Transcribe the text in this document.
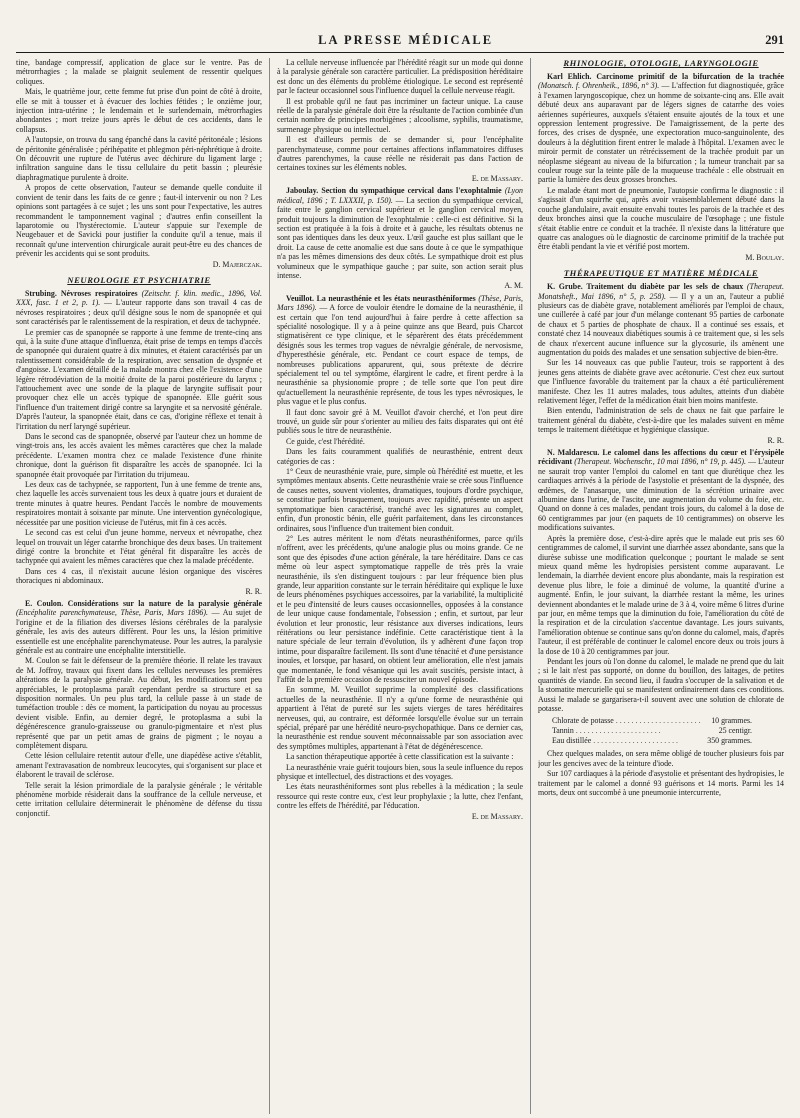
LA PRESSE MÉDICALE	291

tine, bandage compressif, application de glace sur le ventre. Pas de métrorrhagies ; la malade se plaignit seulement de ressentir quelques coliques.

Mais, le quatrième jour, cette femme fut prise d'un point de côté à droite, elle se mit à tousser et à évacuer des lochies fétides ; le onzième jour, injection intra-utérine ; le lendemain et le surlendemain, métrorrhagies abondantes ; mort treize jours après le début de ces accidents, dans le collapsus.

A l'autopsie, on trouva du sang épanché dans la cavité péritonéale ; lésions de péritonite généralisée ; périhépatite et phlegmon péri-néphrétique à droite. On découvrit une rupture de l'utérus avec déchirure du ligament large ; infiltration sanguine dans le tissu cellulaire du petit bassin ; pleurésie diaphragmatique purulente à droite.

A propos de cette observation, l'auteur se demande quelle conduite il convient de tenir dans les faits de ce genre ; faut-il intervenir ou non ? Les opinions sont partagées à ce sujet ; les uns sont pour l'expectative, les autres recommandent le tamponnement vaginal ; d'autres enfin conseillent la laparotomie ou l'hystérectomie. L'auteur s'appuie sur l'exemple de Neugebauer et de Savicki pour justifier la conduite qu'il a tenue, mais il reconnaît qu'une intervention chirurgicale aurait peut-être eu des chances de prévenir les accidents qui se sont produits.

D. Majerczak.
NEUROLOGIE ET PSYCHIATRIE

Strubing. Névroses respiratoires (Zeitschr. f. klin. medic., 1896, Vol. XXX, fasc. 1 et 2, p. 1). — L'auteur rapporte dans son travail 4 cas de névroses respiratoires ; deux qu'il désigne sous le nom de spanopnée et qui sont caractérisés par le ralentissement de la respiration, et deux de tachypnée.

Le premier cas de spanopnée se rapporte à une femme de trente-cinq ans qui, à la suite d'une attaque d'influenza, était prise de temps en temps d'accès de spanopnée qui duraient quatre à dix minutes, et étaient caractérisés par un ralentissement considérable de la respiration, avec sensation de dyspnée et d'angoisse. L'examen détaillé de la malade montra chez elle l'existence d'une légère rétrodéviation de la moitié droite de la paroi postérieure du larynx ; l'attouchement avec une sonde de la plaque de laryngite suffisait pour provoquer chez elle un accès typique de spanopnée. Elle guérit sous l'influence d'un traitement dirigé contre sa laryngite et sa nervosité générale. D'après l'auteur, la spanopnée était, dans ce cas, d'origine réflexe et tenait à l'irritation du nerf laryngé supérieur.

Dans le second cas de spanopnée, observé par l'auteur chez un homme de vingt-trois ans, les accès avaient les mêmes caractères que chez la malade précédente. L'examen montra chez ce malade l'existence d'une rhinite chronique, dont la guérison fit disparaître les accès de spanopnée. Ici la spanopnée était provoquée par l'irritation du trijumeau.

Les deux cas de tachypnée, se rapportent, l'un à une femme de trente ans, chez laquelle les accès survenaient tous les deux à quatre jours et duraient de trente minutes à quatre heures. Pendant l'accès le nombre de mouvements respiratoires montait à soixante par minute. Une intervention gynécologique, nécessitée par une position vicieuse de l'utérus, mit fin à ces accès.

Le second cas est celui d'un jeune homme, nerveux et névropathe, chez lequel on trouvait un léger catarrhe bronchique des deux bases. Un traitement dirigé contre la bronchite et l'état général fit disparaître les accès de tachypnée qui avaient les mêmes caractères que chez la malade précédente.

Dans ces 4 cas, il n'existait aucune lésion organique des viscères thoraciques ni abdominaux.

R. R.

E. Coulon. Considérations sur la nature de la paralysie générale (Encéphalite parenchymateuse, Thèse, Paris, Mars 1896). — Au sujet de l'origine et de la filiation des diverses lésions cérébrales de la paralysie générale, les avis des auteurs diffèrent. Pour les uns, la lésion primitive essentielle est une encéphalite parenchymateuse. Pour les autres, la paralysie générale est au contraire une encéphalite interstitielle.

M. Coulon se fait le défenseur de la première théorie. Il relate les travaux de M. Joffroy, travaux qui fixent dans les cellules nerveuses les premières altérations de la paralysie générale. Au début, les modifications sont peu appréciables, le protoplasma paraît cependant perdre sa structure et sa disposition normales. Un peu plus tard, la cellule passe à un stade de tuméfaction trouble : dès ce moment, la participation du noyau au processus devient visible. Enfin, au dernier degré, le protoplasma a subi la dégénérescence granulo-graisseuse ou granulo-pigmentaire et n'est plus représenté que par un petit amas de grains de pigment ; le noyau a complètement disparu.

Cette lésion cellulaire retentit autour d'elle, une diapédèse active s'établit, amenant l'extravasation de nombreux leucocytes, qui s'organisent sur place et élaborent le travail de sclérose.

Telle serait la lésion primordiale de la paralysie générale ; le véritable phénomène morbide résiderait dans la souffrance de la cellule nerveuse, et cette irritation cellulaire déterminerait le phénomène de défense du tissu conjonctif.

La cellule nerveuse influencée par l'hérédité réagit sur un mode qui donne à la paralysie générale son caractère particulier. La prédisposition héréditaire est donc un des éléments du problème étiologique. Le second est représenté par le facteur occasionnel sous l'influence duquel la cellule nerveuse réagit.

Il est probable qu'il ne faut pas incriminer un facteur unique. La cause réelle de la paralysie générale doit être la résultante de l'action combinée d'un certain nombre de principes morbigènes ; alcoolisme, syphilis, traumatisme, surmenage physique ou intellectuel.

Il est d'ailleurs permis de se demander si, pour l'encéphalite parenchymateuse, comme pour certaines affections inflammatoires diffuses d'autres parenchymes, la cause réelle ne résiderait pas dans l'action de certaines toxines sur les éléments nobles.

E. de Massary.

Jaboulay. Section du sympathique cervical dans l'exophtalmie (Lyon médical, 1896 ; T. LXXXII, p. 150). — La section du sympathique cervical, faite entre le ganglion cervical supérieur et le ganglion cervical moyen, produit toujours la diminution de l'exophtalmie : celle-ci est définitive. Si la section est pratiquée à la fois à droite et à gauche, les résultats obtenus ne sont pas identiques dans les deux yeux. L'œil gauche est plus saillant que le droit. La cause de cette anomalie est due sans doute à ce que le sympathique n'a pas les mêmes dimensions des deux côtés. Le sympathique droit est plus volumineux que le sympathique gauche ; par suite, son action serait plus intense.

A. M.

Veuillot. La neurasthénie et les états neurasthéniformes (Thèse, Paris, Mars 1896). — A force de vouloir étendre le domaine de la neurasthénie, il est certain que l'on tend aujourd'hui à faire perdre à cette affection sa spécialité nosologique. Il y a à peine quinze ans que Beard, puis Charcot stigmatisèrent ce type clinique, et le séparèrent des états précédemment désignés sous les termes trop vagues de névralgie générale, de nervosisme, d'hyperesthésie générale, etc. Pendant ce court espace de temps, de nombreuses publications apparurent, qui, sous prétexte de décrire spécialement tel ou tel symptôme, élargirent le cadre, et firent perdre à la neurasthénie sa physionomie propre ; de telle sorte que l'on peut dire qu'actuellement la neurasthénie représente, de tous les types névrosiques, le plus vague et le plus confus.

Il faut donc savoir gré à M. Veuillot d'avoir cherché, et l'on peut dire trouvé, un guide sûr pour s'orienter au milieu des faits disparates qui ont été publiés sous le titre de neurasthénie.

Ce guide, c'est l'hérédité.

Dans les faits couramment qualifiés de neurasthénie, entrent deux catégories de cas :

1° Ceux de neurasthénie vraie, pure, simple où l'hérédité est muette, et les symptômes mentaux absents. Cette neurasthénie vraie se crée sous l'influence de causes nettes, souvent violentes, dramatiques, toujours d'ordre psychique, se constitue parfois brusquement, toujours avec rapidité, présente un aspect symptomatique bien caractérisé, tranché avec les signatures au complet, enfin, d'un pronostic bénin, elle guérit parfaitement, dans les circonstances ordinaires, sous l'influence d'un traitement bien conduit.

2° Les autres méritent le nom d'états neurasthéniformes, parce qu'ils n'offrent, avec les précédents, qu'une analogie plus ou moins grande. Ce ne sont que des épisodes d'une action générale, la tare héréditaire. Dans ce cas même où leur aspect symptomatique rappelle de très près la vraie neurasthénie, ils s'en distinguent toujours : par leur fréquence bien plus grande, leur apparition constante sur le terrain héréditaire qui explique le luxe de leurs phénomènes psychiques accessoires, par la variabilité, la multiplicité et le peu d'intensité de leurs causes occasionnelles, opposées à la constance de leur unique cause fondamentale, l'obsession ; enfin, et surtout, par leur évolution et leur pronostic, leur résistance aux diverses indications, leurs réitérations ou leur persistance indéfinie. Cette caractéristique tient à la nature spéciale de leur terrain d'évolution, ils y adhèrent d'une façon trop intime, pour disparaître facilement. Ils sont d'une ténacité et d'une persistance inouïes, et lorsque, par hasard, on obtient leur amélioration, elle n'est jamais que momentanée, le fond vésanique qui les avait suscités, persiste intact, à l'affût de la première occasion de ressusciter un nouvel épisode.

En somme, M. Veuillot supprime la complexité des classifications actuelles de la neurasthénie. Il n'y a qu'une forme de neurasthénie qui appartient à l'état de pureté sur les sujets vierges de tares héréditaires nerveuses, qui, au contraire, est déformée lorsqu'elle évolue sur un terrain spécial, préparé par une hérédité neuro-psychopathique. Dans ce dernier cas, la neurasthénie est rendue souvent méconnaissable par son association avec des symptômes multiples, appartenant à l'état de dégénérescence.

La sanction thérapeutique apportée à cette classification est la suivante :

La neurasthénie vraie guérit toujours bien, sous la seule influence du repos physique et intellectuel, des distractions et des voyages.

Les états neurasthéniformes sont plus rebelles à la médication ; la seule ressource qui reste contre eux, c'est leur prophylaxie ; la lutte, chez l'enfant, contre les effets de l'hérédité, par l'éducation.

E. de Massary.
RHINOLOGIE, OTOLOGIE, LARYNGOLOGIE

Karl Ehlich. Carcinome primitif de la bifurcation de la trachée (Monatsch. f. Ohrenheik., 1896, n° 3). — L'affection fut diagnostiquée, grâce à l'examen laryngoscopique, chez un homme de soixante-cinq ans. Elle avait débuté deux ans auparavant par de légers signes de catarrhe des voies aériennes supérieures, auxquels s'étaient ensuite ajoutés de la toux et une oppression lentement progressive. De l'amaigrissement, de la perte des forces, des crises de dyspnée, une expectoration muco-sanguinolente, des douleurs à la déglutition firent entrer le malade à l'hôpital. L'examen avec le miroir permit de constater un rétrécissement de la trachée produit par un néoplasme siégeant au niveau de la bifurcation ; la tumeur tranchait par sa couleur rouge sur la teinte pâle de la muqueuse trachéale : elle obstruait en partie la lumière des deux grosses bronches.

Le malade étant mort de pneumonie, l'autopsie confirma le diagnostic : il s'agissait d'un squirrhe qui, après avoir vraisemblablement débuté dans la couche glandulaire, avait ensuite envahi toutes les parois de la trachée et des deux bronches ainsi que la couche musculaire de l'œsophage ; une fistule s'était établie entre ce conduit et la trachée. Il n'existe dans la littérature que quatre cas analogues où le diagnostic de carcinome primitif de la trachée put être établi pendant la vie et vérifié post mortem.

M. Boulay.
THÉRAPEUTIQUE ET MATIÈRE MÉDICALE

K. Grube. Traitement du diabète par les sels de chaux (Therapeut. Monatsheft., Mai 1896, n° 5, p. 258). — Il y a un an, l'auteur a publié plusieurs cas de diabète grave, notablement améliorés par l'emploi de chaux, une cuillerée à café par jour d'un mélange contenant 95 parties de carbonate de chaux et 5 parties de phosphate de chaux. Il a continué ses essais, et constaté chez 14 nouveaux diabétiques soumis à ce traitement que, si les sels de chaux n'exercent aucune influence sur la glycosurie, ils amènent une augmentation du poids des malades et une sensation subjective de bien-être.

Sur les 14 nouveaux cas que publie l'auteur, trois se rapportent à des jeunes gens atteints de diabète grave avec acétonurie. C'est chez eux surtout que l'influence favorable du traitement par la chaux a été particulièrement manifeste. Chez les 11 autres malades, tous adultes, atteints d'un diabète relativement léger, l'effet de la médication était bien moins manifeste.

Bien entendu, l'administration de sels de chaux ne fait que parfaire le traitement général du diabète, c'est-à-dire que les malades suivent en même temps le traitement diététique et hygiénique classique.

R. R.

N. Maldarescu. Le calomel dans les affections du cœur et l'érysipèle récidivant (Therapeut. Wochenschr., 10 mai 1896, n° 19, p. 445). — L'auteur ne saurait trop vanter l'emploi du calomel en tant que diurétique chez les cardiaques arrivés à la période de l'asystolie et présentant de la dyspnée, des œdèmes, de l'anasarque, une diminution de la sécrétion urinaire avec albumine dans l'urine, de l'ascite, une augmentation du volume du foie, etc. Quand on donne à ces malades, pendant trois jours, du calomel à la dose de 60 centigrammes par jour (en paquets de 10 centigrammes) on observe les modifications suivantes.

Après la première dose, c'est-à-dire après que le malade eut pris ses 60 centigrammes de calomel, il survint une diarrhée assez abondante, sans que la diurèse subisse une modification quelconque ; pourtant le malade se sent mieux quand même les hydropisies persistent comme auparavant. Le lendemain, la diarrhée devient encore plus abondante, mais la respiration est devenue plus libre, le foie a diminué de volume, la quantité d'urine a augmenté. Enfin, le jour suivant, la diarrhée restant la même, les urines deviennent abondantes et le malade urine de 3 à 4, voire même 6 litres d'urine par jour, en même temps que la diminution du foie, l'amélioration du côté de la respiration et de la circulation s'accentue davantage. Les jours suivants, l'amélioration obtenue se continue sans qu'on donne du calomel, mais, d'après l'auteur, il est préférable de continuer le calomel encore deux ou trois jours à la dose de 10 à 20 centigrammes par jour.

Pendant les jours où l'on donne du calomel, le malade ne prend que du lait ; si le lait n'est pas supporté, on donne du bouillon, des laitages, de petites quantités de viande. En second lieu, il faudra s'occuper de la salivation et de la stomatite mercurielle qui se manifestent ordinairement dans ces conditions. Aussi le malade se gargarisera-t-il souvent avec une solution de chlorate de potasse.

Chlorate de potasse . . .	10 grammes.
Tannin . . .	25 centigr.
Eau distillée . . .	350 grammes.

Chez quelques malades, on sera même obligé de toucher plusieurs fois par jour les gencives avec de la teinture d'iode.

Sur 107 cardiaques à la période d'asystolie et présentant des hydropisies, le traitement par le calomel a donné 93 guérisons et 14 morts. Parmi les 14 morts, deux ont succombé à une pneumonie intercurrente,
